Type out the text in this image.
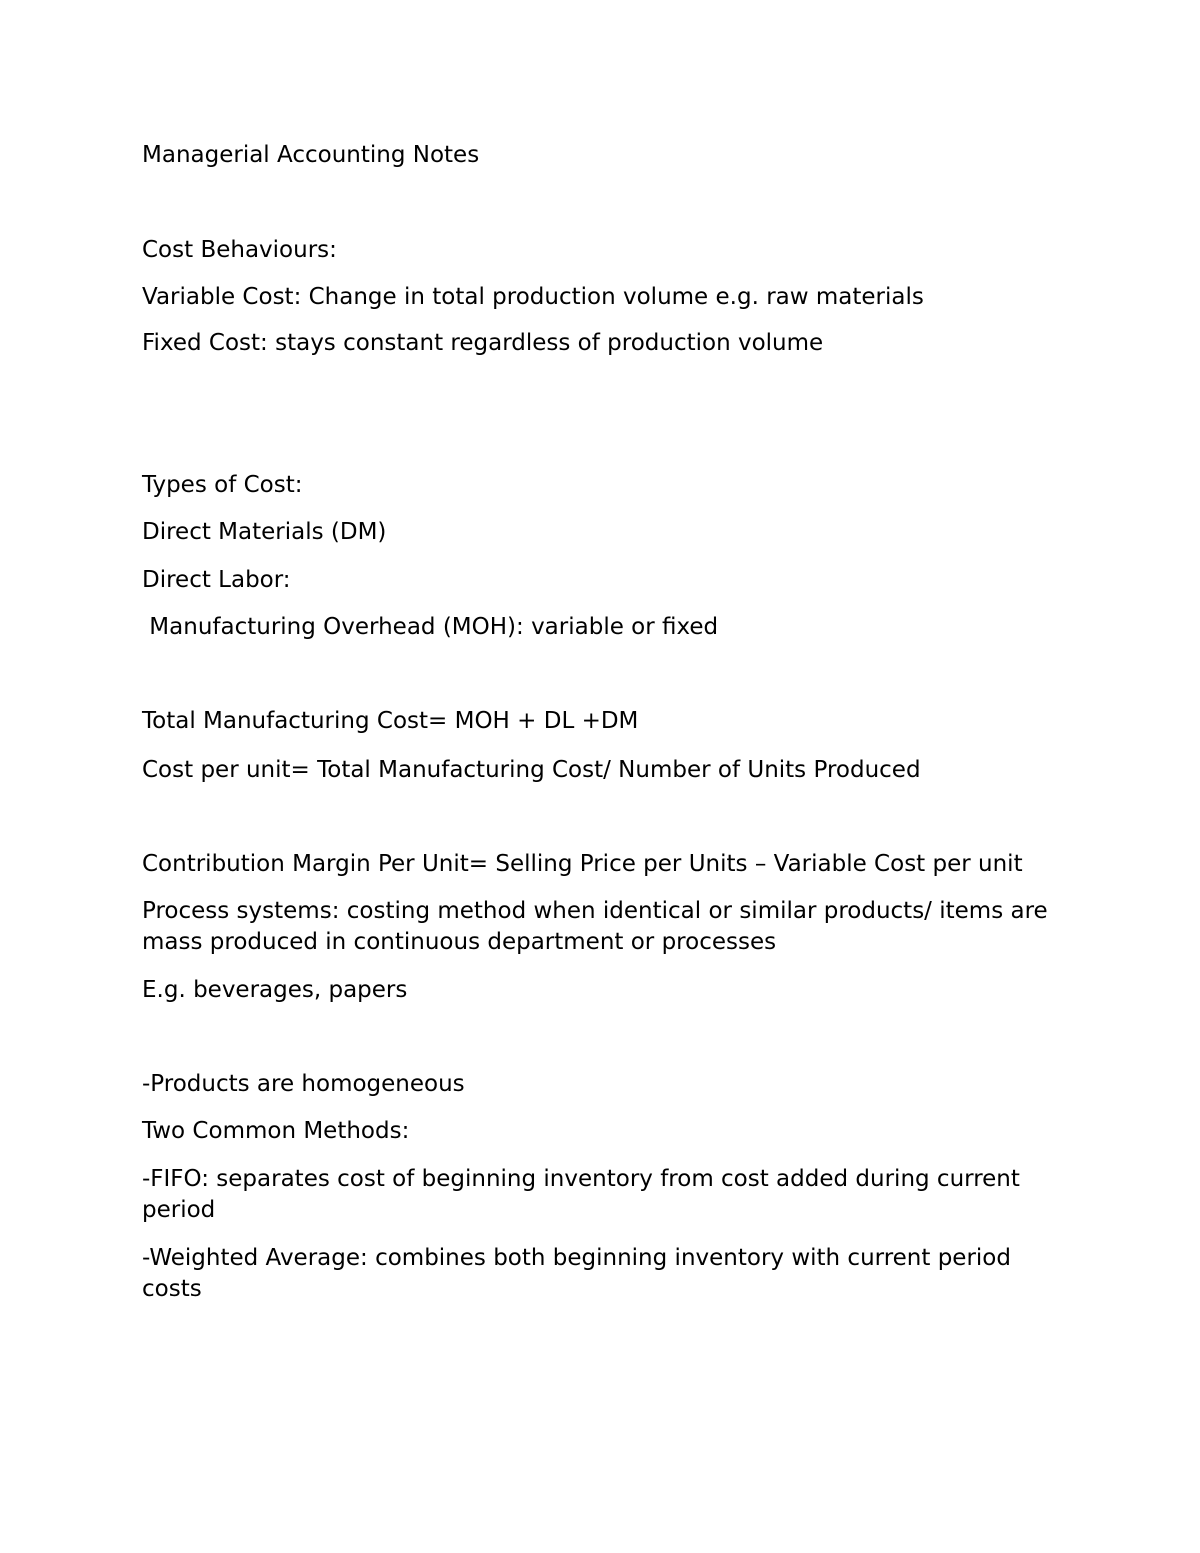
Managerial Accounting Notes

Cost Behaviours:

Variable Cost: Change in total production volume e.g. raw materials

Fixed Cost: stays constant regardless of production volume

Types of Cost:

Direct Materials (DM)

Direct Labor:

Manufacturing Overhead (MOH): variable or fixed

Total Manufacturing Cost= MOH + DL +DM

Cost per unit= Total Manufacturing Cost/ Number of Units Produced

Contribution Margin Per Unit= Selling Price per Units – Variable Cost per unit

Process systems: costing method when identical or similar products/ items are mass produced in continuous department or processes

E.g. beverages, papers

-Products are homogeneous

Two Common Methods:

-FIFO: separates cost of beginning inventory from cost added during current period

-Weighted Average: combines both beginning inventory with current period costs
